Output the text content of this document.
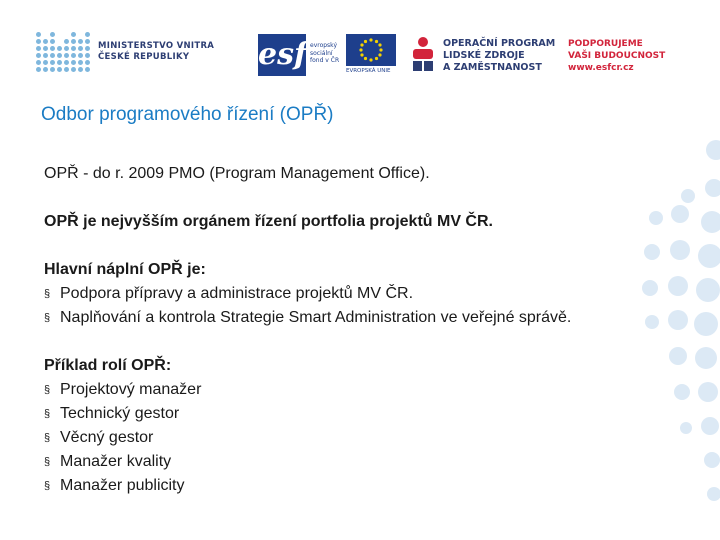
MINISTERSTVO VNITRA
ČESKÉ REPUBLIKY	esf evropský sociální fond v ČR
EVROPSKÁ UNIE
OPERAČNÍ PROGRAM
LIDSKÉ ZDROJE
A ZAMĚSTNANOST
PODPORUJEME
VAŠI BUDOUCNOST
www.esfcr.cz
Odbor programového řízení (OPŘ)

OPŘ - do r. 2009 PMO (Program Management Office).

OPŘ je nejvyšším orgánem řízení portfolia projektů MV ČR.

Hlavní náplní OPŘ je:

§ Podpora přípravy a administrace projektů MV ČR.
§ Naplňování a kontrola Strategie Smart Administration ve veřejné správě.

Příklad rolí OPŘ:

§ Projektový manažer
§ Technický gestor
§ Věcný gestor
§ Manažer kvality
§ Manažer publicity
